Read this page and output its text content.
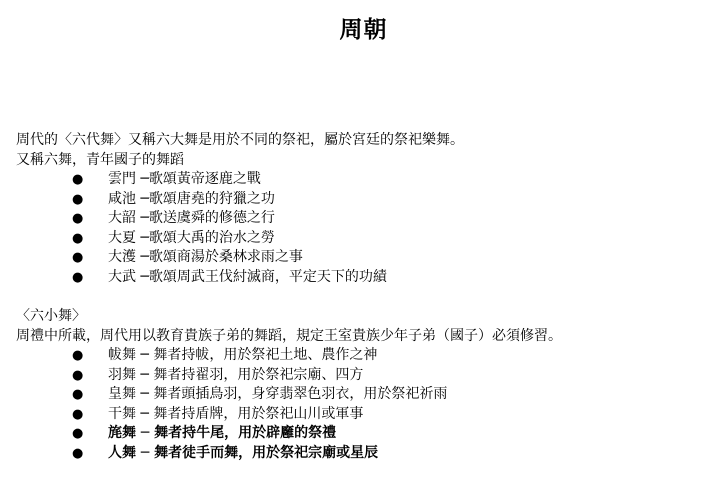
周朝
周代的〈六代舞〉又稱六大舞是用於不同的祭祀，屬於宮廷的祭祀樂舞。
又稱六舞，青年國子的舞蹈
● 雲門 ─歌頌黃帝逐鹿之戰
● 咸池 ─歌頌唐堯的狩獵之功
● 大韶 ─歌送虞舜的修德之行
● 大夏 ─歌頌大禹的治水之勞
● 大濩 ─歌頌商湯於桑林求雨之事
● 大武 ─歌頌周武王伐紂滅商，平定天下的功績
〈六小舞〉
周禮中所載，周代用以教育貴族子弟的舞蹈，規定王室貴族少年子弟（國子）必須修習。
● 帗舞 ─ 舞者持帗，用於祭祀土地、農作之神
● 羽舞 ─ 舞者持翟羽，用於祭祀宗廟、四方
● 皇舞 ─ 舞者頭插鳥羽，身穿翡翠色羽衣，用於祭祀祈雨
● 干舞 ─ 舞者持盾牌，用於祭祀山川或軍事
● 旄舞 ─ 舞者持牛尾，用於辟廱的祭禮
● 人舞 ─ 舞者徒手而舞，用於祭祀宗廟或星辰
